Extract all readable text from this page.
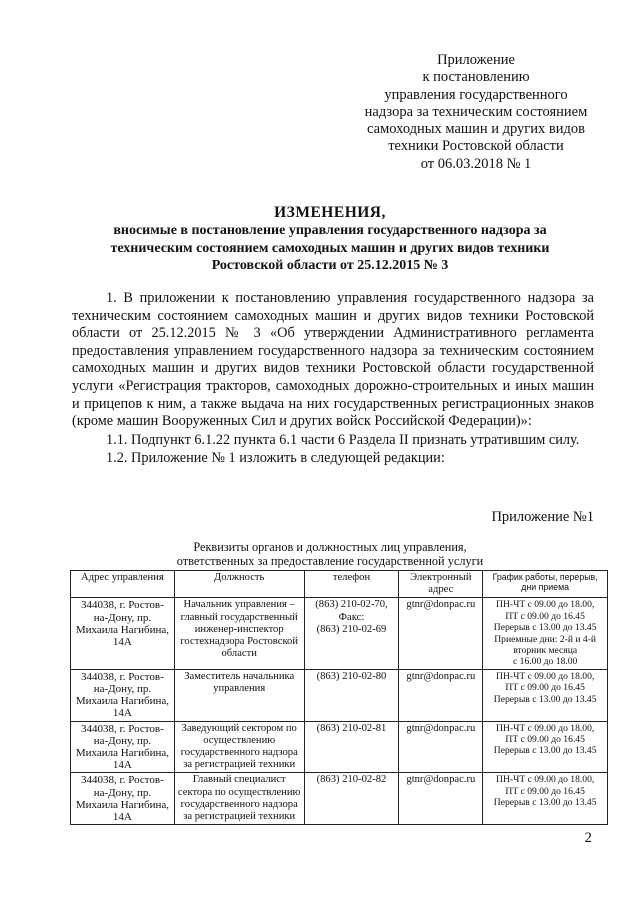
Приложение
к постановлению
управления государственного
надзора за техническим состоянием
самоходных машин и других видов
техники Ростовской области
от 06.03.2018 № 1
ИЗМЕНЕНИЯ,
вносимые в постановление управления государственного надзора за
техническим состоянием самоходных машин и других видов техники
Ростовской области от 25.12.2015 № 3

1. В приложении к постановлению управления государственного надзора за техническим состоянием самоходных машин и других видов техники Ростовской области от 25.12.2015 № 3 «Об утверждении Административного регламента предоставления управлением государственного надзора за техническим состоянием самоходных машин и других видов техники Ростовской области государственной услуги «Регистрация тракторов, самоходных дорожно-строительных и иных машин и прицепов к ним, а также выдача на них государственных регистрационных знаков (кроме машин Вооруженных Сил и других войск Российской Федерации)»:

1.1. Подпункт 6.1.22 пункта 6.1 части 6 Раздела II признать утратившим силу.

1.2. Приложение № 1 изложить в следующей редакции:

Приложение №1
Реквизиты органов и должностных лиц управления,
ответственных за предоставление государственной услуги
Адрес управления	Должность	телефон	Электронный адрес	График работы, перерыв, дни приема
344038, г. Ростов-на-Дону, пр. Михаила Нагибина, 14А	Начальник управления – главный государственный инженер-инспектор гостехнадзора Ростовской области	(863) 210-02-70,
Факс:
(863) 210-02-69	gtnr@donpac.ru	ПН-ЧТ с 09.00 до 18.00,
ПТ с 09.00 до 16.45
Перерыв с 13.00 до 13.45
Приемные дни: 2-й и 4-й вторник месяца
с 16.00 до 18.00

344038, г. Ростов-на-Дону, пр. Михаила Нагибина, 14А	Заместитель начальника управления	(863) 210-02-80	gtnr@donpac.ru	ПН-ЧТ с 09.00 до 18.00,
ПТ с 09.00 до 16.45
Перерыв с 13.00 до 13.45

344038, г. Ростов-на-Дону, пр. Михаила Нагибина, 14А	Заведующий сектором по осуществлению государственного надзора за регистрацией техники	(863) 210-02-81	gtnr@donpac.ru	ПН-ЧТ с 09.00 до 18.00,
ПТ с 09.00 до 16.45
Перерыв с 13.00 до 13.45

344038, г. Ростов-на-Дону, пр. Михаила Нагибина, 14А	Главный специалист сектора по осуществлению государственного надзора за регистрацией техники	(863) 210-02-82	gtnr@donpac.ru	ПН-ЧТ с 09.00 до 18.00,
ПТ с 09.00 до 16.45
Перерыв с 13.00 до 13.45
2
